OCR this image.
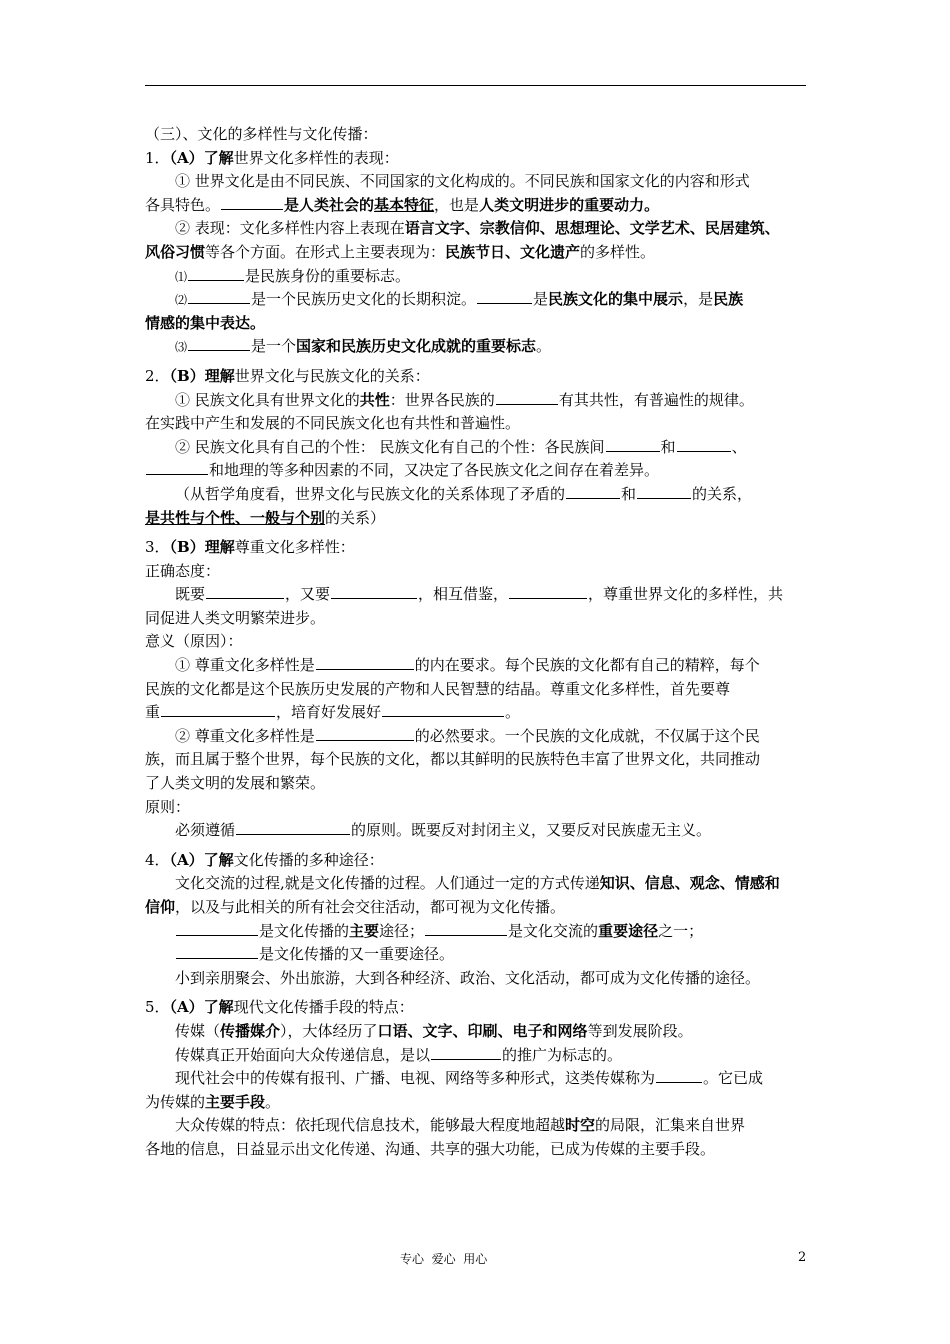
（三）、文化的多样性与文化传播：
1．（A）了解世界文化多样性的表现：
① 世界文化是由不同民族、不同国家的文化构成的。不同民族和国家文化的内容和形式
各具特色。	是人类社会的基本特征，也是人类文明进步的重要动力。
② 表现：文化多样性内容上表现在语言文字、宗教信仰、思想理论、文学艺术、民居建筑、
风俗习惯等各个方面。在形式上主要表现为：民族节日、文化遗产的多样性。
⑴	是民族身份的重要标志。
⑵	是一个民族历史文化的长期积淀。	是民族文化的集中展示，是民族
情感的集中表达。
⑶	是一个国家和民族历史文化成就的重要标志。
2．（B）理解世界文化与民族文化的关系：
① 民族文化具有世界文化的共性：世界各民族的	有其共性，有普遍性的规律。
在实践中产生和发展的不同民族文化也有共性和普遍性。
② 民族文化具有自己的个性： 民族文化有自己的个性：各民族间	和	、
和地理的等多种因素的不同，又决定了各民族文化之间存在着差异。
（从哲学角度看，世界文化与民族文化的关系体现了矛盾的	和	的关系，
是共性与个性、一般与个别的关系）
3．（B）理解尊重文化多样性：
正确态度：
既要	，又要	，相互借鉴，	，尊重世界文化的多样性，共
同促进人类文明繁荣进步。
意义（原因）：
① 尊重文化多样性是	的内在要求。每个民族的文化都有自己的精粹，每个
民族的文化都是这个民族历史发展的产物和人民智慧的结晶。尊重文化多样性，首先要尊
重	，培育好发展好	。
② 尊重文化多样性是	的必然要求。一个民族的文化成就，不仅属于这个民
族，而且属于整个世界，每个民族的文化，都以其鲜明的民族特色丰富了世界文化，共同推动
了人类文明的发展和繁荣。
原则：
必须遵循	的原则。既要反对封闭主义，又要反对民族虚无主义。
4．（A）了解文化传播的多种途径：
文化交流的过程,就是文化传播的过程。人们通过一定的方式传递知识、信息、观念、情感和
信仰，以及与此相关的所有社会交往活动，都可视为文化传播。
是文化传播的主要途径；	是文化交流的重要途径之一；
是文化传播的又一重要途径。
小到亲朋聚会、外出旅游，大到各种经济、政治、文化活动，都可成为文化传播的途径。
5．（A）了解现代文化传播手段的特点：
传媒（传播媒介），大体经历了口语、文字、印刷、电子和网络等到发展阶段。
传媒真正开始面向大众传递信息，是以	的推广为标志的。
现代社会中的传媒有报刊、广播、电视、网络等多种形式，这类传媒称为	。它已成
为传媒的主要手段。
大众传媒的特点：依托现代信息技术，能够最大程度地超越时空的局限，汇集来自世界
各地的信息，日益显示出文化传递、沟通、共享的强大功能，已成为传媒的主要手段。
专心  爱心  用心	2
